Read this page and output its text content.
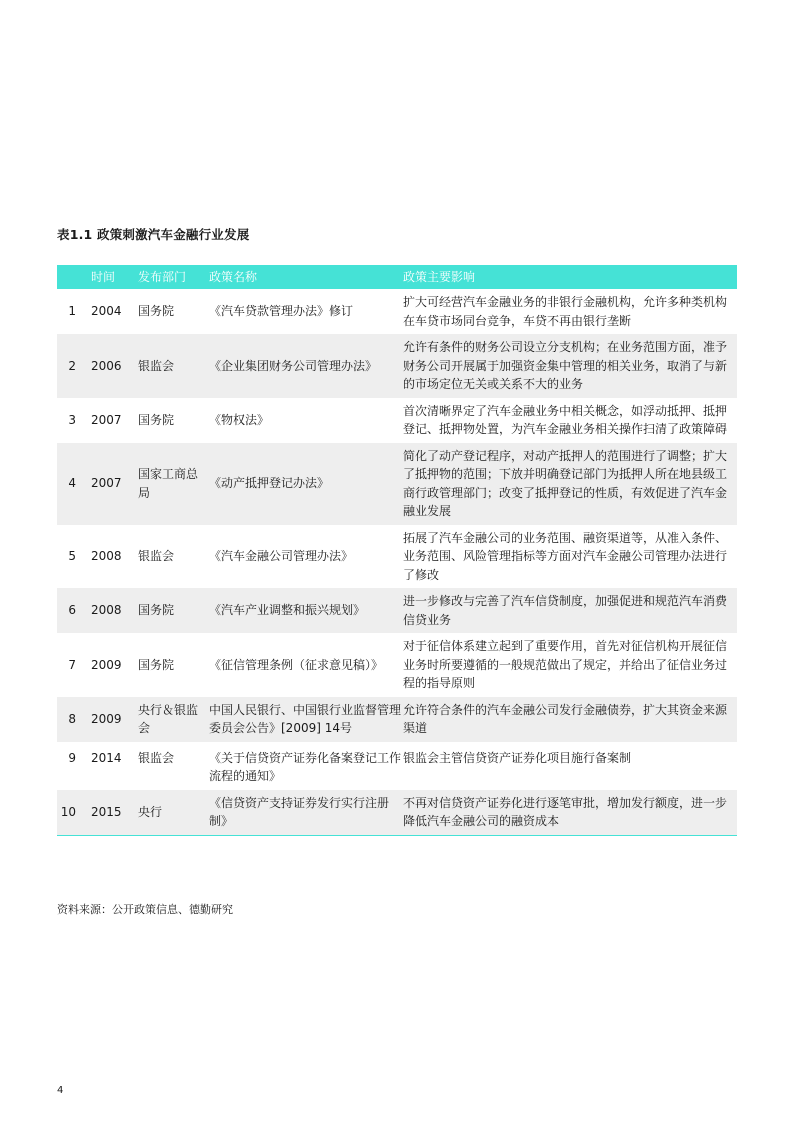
表1.1 政策刺激汽车金融行业发展
	时间	发布部门	政策名称	政策主要影响
1	2004	国务院	《汽车贷款管理办法》修订	扩大可经营汽车金融业务的非银行金融机构，允许多种类机构在车贷市场同台竞争，车贷不再由银行垄断
2	2006	银监会	《企业集团财务公司管理办法》	允许有条件的财务公司设立分支机构；在业务范围方面，准予财务公司开展属于加强资金集中管理的相关业务，取消了与新的市场定位无关或关系不大的业务
3	2007	国务院	《物权法》	首次清晰界定了汽车金融业务中相关概念，如浮动抵押、抵押登记、抵押物处置，为汽车金融业务相关操作扫清了政策障碍
4	2007	国家工商总局	《动产抵押登记办法》	简化了动产登记程序，对动产抵押人的范围进行了调整；扩大了抵押物的范围；下放并明确登记部门为抵押人所在地县级工商行政管理部门；改变了抵押登记的性质，有效促进了汽车金融业发展
5	2008	银监会	《汽车金融公司管理办法》	拓展了汽车金融公司的业务范围、融资渠道等，从准入条件、业务范围、风险管理指标等方面对汽车金融公司管理办法进行了修改
6	2008	国务院	《汽车产业调整和振兴规划》	进一步修改与完善了汽车信贷制度，加强促进和规范汽车消费信贷业务
7	2009	国务院	《征信管理条例（征求意见稿）》	对于征信体系建立起到了重要作用，首先对征信机构开展征信业务时所要遵循的一般规范做出了规定，并给出了征信业务过程的指导原则
8	2009	央行＆银监会	中国人民银行、中国银行业监督管理委员会公告》[2009] 14号	允许符合条件的汽车金融公司发行金融债券，扩大其资金来源渠道
9	2014	银监会	《关于信贷资产证券化备案登记工作流程的通知》	银监会主管信贷资产证券化项目施行备案制
10	2015	央行	《信贷资产支持证券发行实行注册制》	不再对信贷资产证券化进行逐笔审批，增加发行额度，进一步降低汽车金融公司的融资成本
资料来源：公开政策信息、德勤研究
4
